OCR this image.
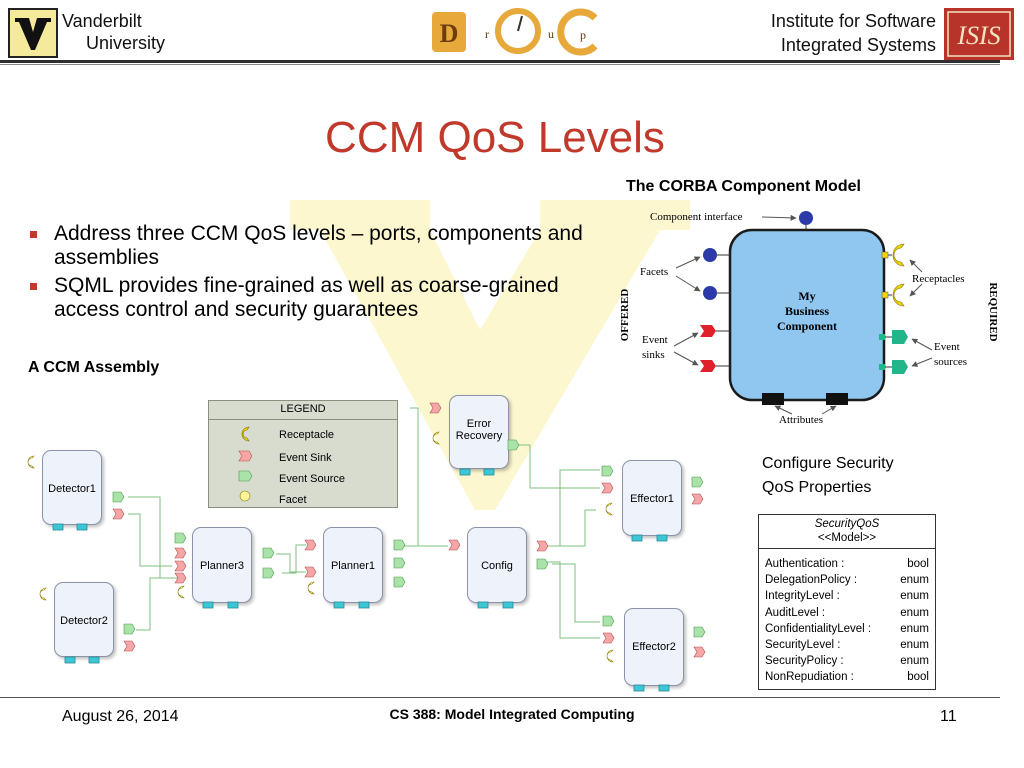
Vanderbilt
University	D r	u p
Institute for Software
Integrated Systems ISIS
CCM QoS Levels
Address three CCM QoS levels – ports, components and assemblies
SQML provides fine-grained as well as coarse-grained access control and security guarantees
The CORBA Component Model
My
Business
Component
Component interface
Facets
Event
sinks
OFFERED
Receptacles
Event
sources
REQUIRED
Attributes
A CCM Assembly
LEGEND
Receptacle
Event Sink
Event Source
Facet
Detector1
Detector2
Planner3	Planner1
Error
Recovery
Config
Effector1
Effector2
Configure Security
QoS Properties
SecurityQoS
<<Model>>
Authentication :	bool
DelegationPolicy :	enum
IntegrityLevel :	enum
AuditLevel :	enum
ConfidentialityLevel :	enum
SecurityLevel :	enum
SecurityPolicy :	enum
NonRepudiation :	bool
August 26, 2014	CS 388: Model Integrated Computing	11
